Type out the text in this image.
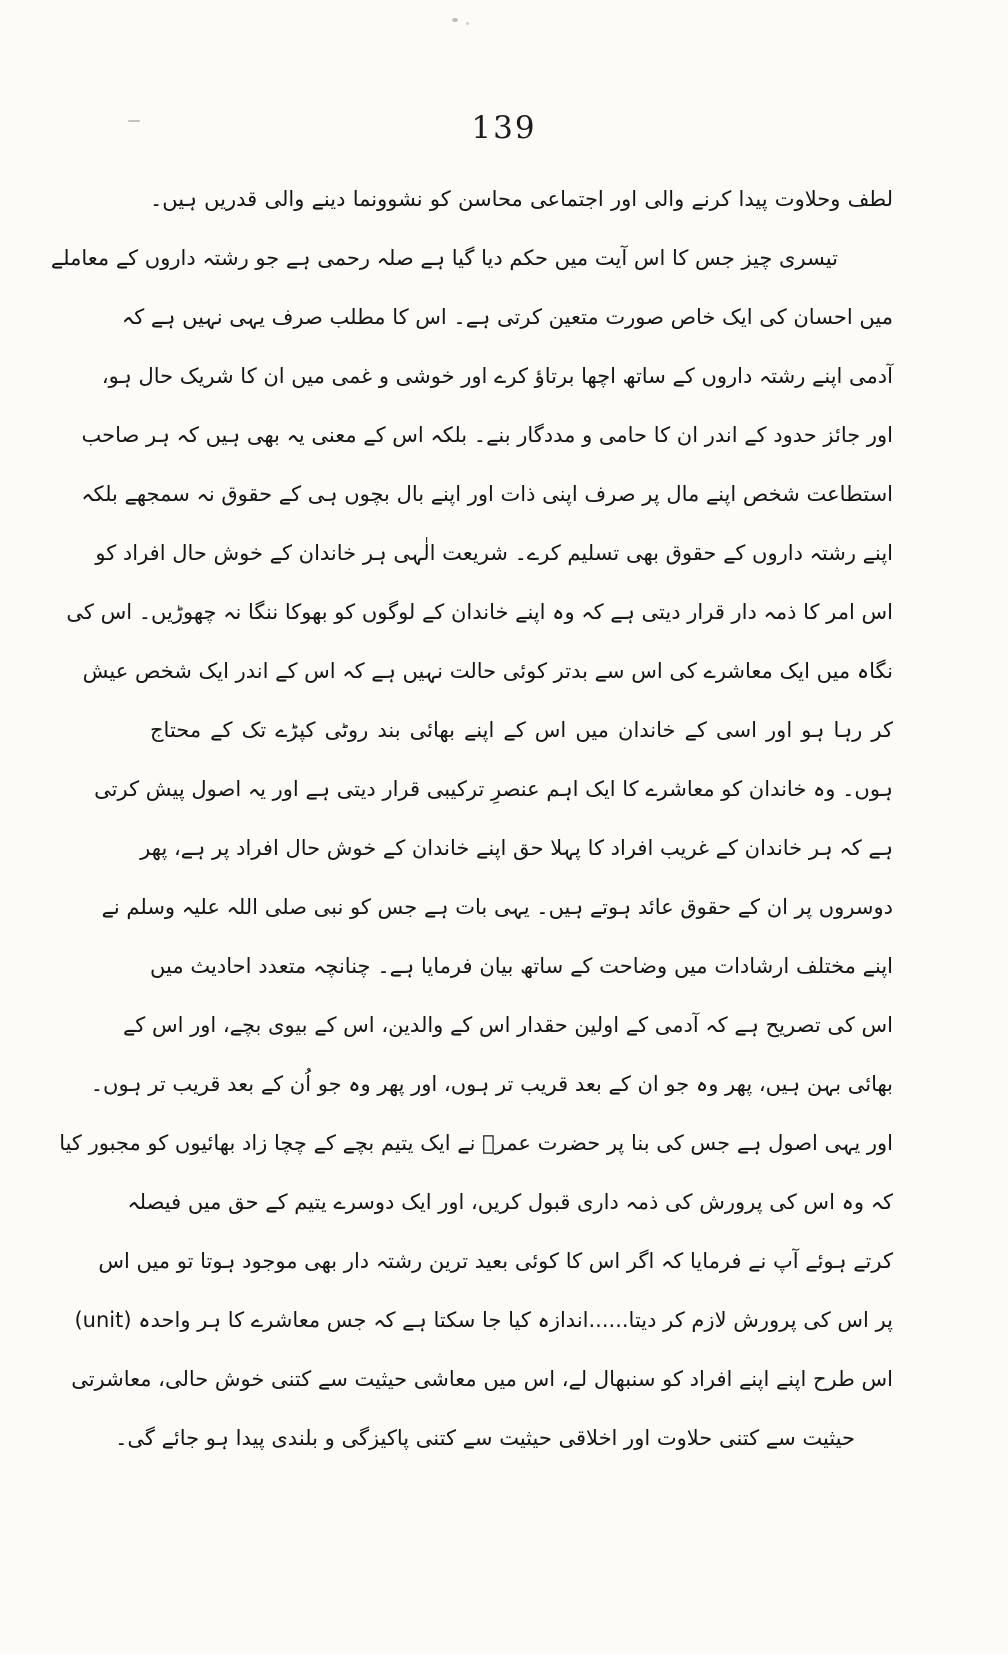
139
لطف وحلاوت پیدا کرنے والی اور اجتماعی محاسن کو نشوونما دینے والی قدریں ہیں۔
تیسری چیز جس کا اس آیت میں حکم دیا گیا ہے صلہ رحمی ہے جو رشتہ داروں کے معاملے
میں احسان کی ایک خاص صورت متعین کرتی ہے۔ اس کا مطلب صرف یہی نہیں ہے کہ
آدمی اپنے رشتہ داروں کے ساتھ اچھا برتاؤ کرے اور خوشی و غمی میں ان کا شریک حال ہو،
اور جائز حدود کے اندر ان کا حامی و مددگار بنے۔ بلکہ اس کے معنی یہ بھی ہیں کہ ہر صاحب
استطاعت شخص اپنے مال پر صرف اپنی ذات اور اپنے بال بچوں ہی کے حقوق نہ سمجھے بلکہ
اپنے رشتہ داروں کے حقوق بھی تسلیم کرے۔ شریعت الٰہی ہر خاندان کے خوش حال افراد کو
اس امر کا ذمہ دار قرار دیتی ہے کہ وہ اپنے خاندان کے لوگوں کو بھوکا ننگا نہ چھوڑیں۔ اس کی
نگاہ میں ایک معاشرے کی اس سے بدتر کوئی حالت نہیں ہے کہ اس کے اندر ایک شخص عیش
کر رہا ہو اور اسی کے خاندان میں اس کے اپنے بھائی بند روٹی کپڑے تک کے محتاج
ہوں۔ وہ خاندان کو معاشرے کا ایک اہم عنصرِ ترکیبی قرار دیتی ہے اور یہ اصول پیش کرتی
ہے کہ ہر خاندان کے غریب افراد کا پہلا حق اپنے خاندان کے خوش حال افراد پر ہے، پھر
دوسروں پر ان کے حقوق عائد ہوتے ہیں۔ یہی بات ہے جس کو نبی صلی اللہ علیہ وسلم نے
اپنے مختلف ارشادات میں وضاحت کے ساتھ بیان فرمایا ہے۔ چنانچہ متعدد احادیث میں
اس کی تصریح ہے کہ آدمی کے اولین حقدار اس کے والدین، اس کے بیوی بچے، اور اس کے
بھائی بہن ہیں، پھر وہ جو ان کے بعد قریب تر ہوں، اور پھر وہ جو اُن کے بعد قریب تر ہوں۔
اور یہی اصول ہے جس کی بنا پر حضرت عمرؓ نے ایک یتیم بچے کے چچا زاد بھائیوں کو مجبور کیا
کہ وہ اس کی پرورش کی ذمہ داری قبول کریں، اور ایک دوسرے یتیم کے حق میں فیصلہ
کرتے ہوئے آپ نے فرمایا کہ اگر اس کا کوئی بعید ترین رشتہ دار بھی موجود ہوتا تو میں اس
پر اس کی پرورش لازم کر دیتا......اندازہ کیا جا سکتا ہے کہ جس معاشرے کا ہر واحدہ (unit)
اس طرح اپنے اپنے افراد کو سنبھال لے، اس میں معاشی حیثیت سے کتنی خوش حالی، معاشرتی
حیثیت سے کتنی حلاوت اور اخلاقی حیثیت سے کتنی پاکیزگی و بلندی پیدا ہو جائے گی۔
